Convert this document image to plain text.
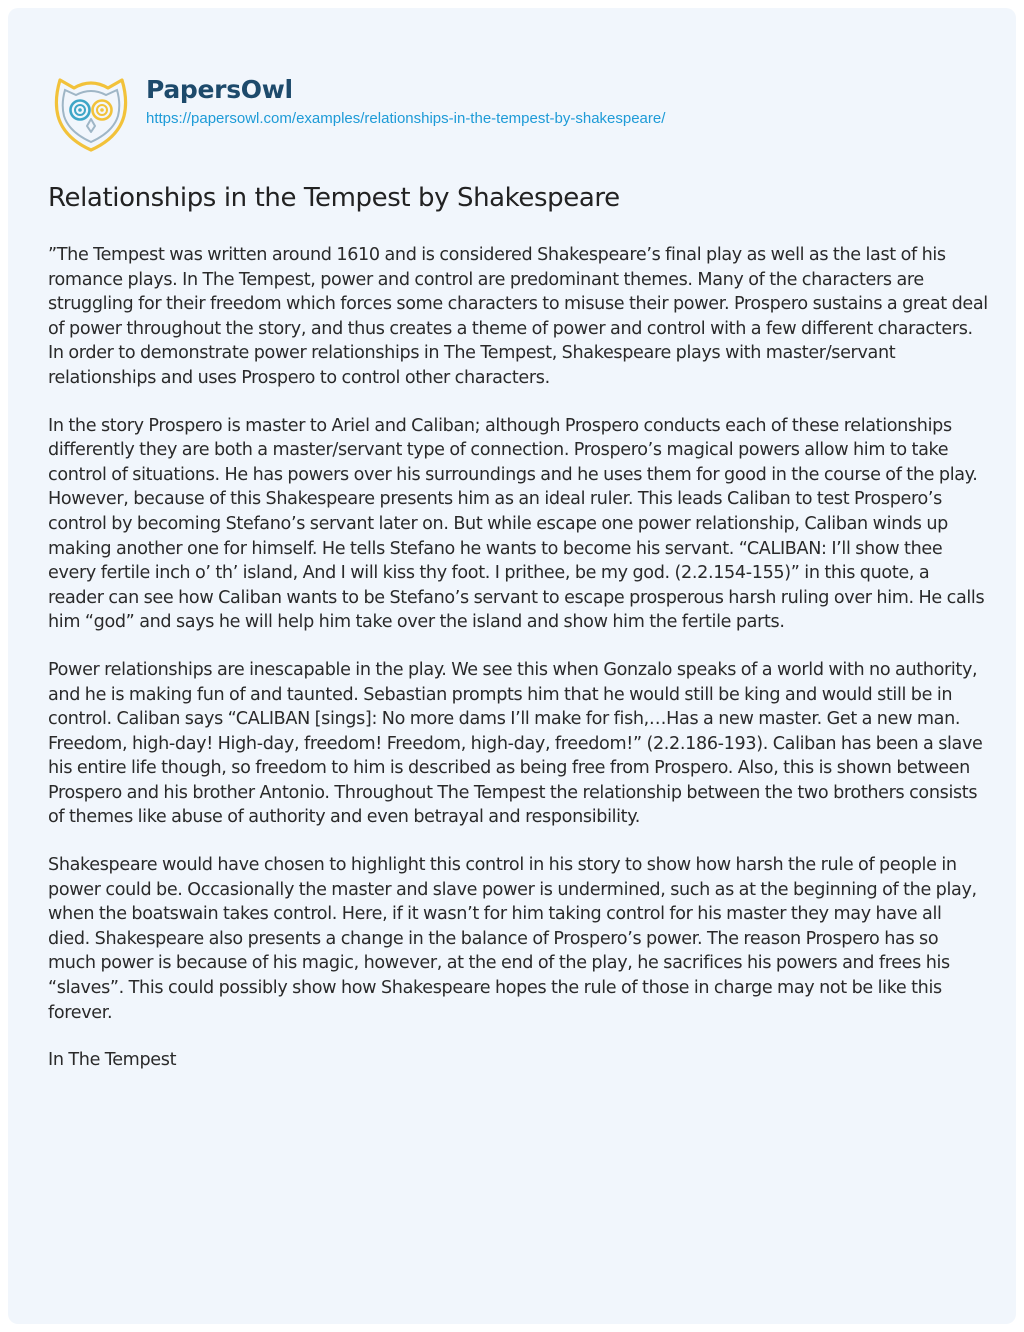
PapersOwl
https://papersowl.com/examples/relationships-in-the-tempest-by-shakespeare/
Relationships in the Tempest by Shakespeare

”The Tempest was written around 1610 and is considered Shakespeare’s final play as well as the last of his romance plays. In The Tempest, power and control are predominant themes. Many of the characters are struggling for their freedom which forces some characters to misuse their power. Prospero sustains a great deal of power throughout the story, and thus creates a theme of power and control with a few different characters. In order to demonstrate power relationships in The Tempest, Shakespeare plays with master/servant relationships and uses Prospero to control other characters.

In the story Prospero is master to Ariel and Caliban; although Prospero conducts each of these relationships differently they are both a master/servant type of connection. Prospero’s magical powers allow him to take control of situations. He has powers over his surroundings and he uses them for good in the course of the play. However, because of this Shakespeare presents him as an ideal ruler. This leads Caliban to test Prospero’s control by becoming Stefano’s servant later on. But while escape one power relationship, Caliban winds up making another one for himself. He tells Stefano he wants to become his servant. “CALIBAN: I’ll show thee every fertile inch o’ th’ island, And I will kiss thy foot. I prithee, be my god. (2.2.154-155)” in this quote, a reader can see how Caliban wants to be Stefano’s servant to escape prosperous harsh ruling over him. He calls him “god” and says he will help him take over the island and show him the fertile parts.

Power relationships are inescapable in the play. We see this when Gonzalo speaks of a world with no authority, and he is making fun of and taunted. Sebastian prompts him that he would still be king and would still be in control. Caliban says “CALIBAN [sings]: No more dams I’ll make for fish,…Has a new master. Get a new man. Freedom, high-day! High-day, freedom! Freedom, high-day, freedom!” (2.2.186-193). Caliban has been a slave his entire life though, so freedom to him is described as being free from Prospero. Also, this is shown between Prospero and his brother Antonio. Throughout The Tempest the relationship between the two brothers consists of themes like abuse of authority and even betrayal and responsibility.

Shakespeare would have chosen to highlight this control in his story to show how harsh the rule of people in power could be. Occasionally the master and slave power is undermined, such as at the beginning of the play, when the boatswain takes control. Here, if it wasn’t for him taking control for his master they may have all died. Shakespeare also presents a change in the balance of Prospero’s power. The reason Prospero has so much power is because of his magic, however, at the end of the play, he sacrifices his powers and frees his “slaves”. This could possibly show how Shakespeare hopes the rule of those in charge may not be like this forever.

In The Tempest
